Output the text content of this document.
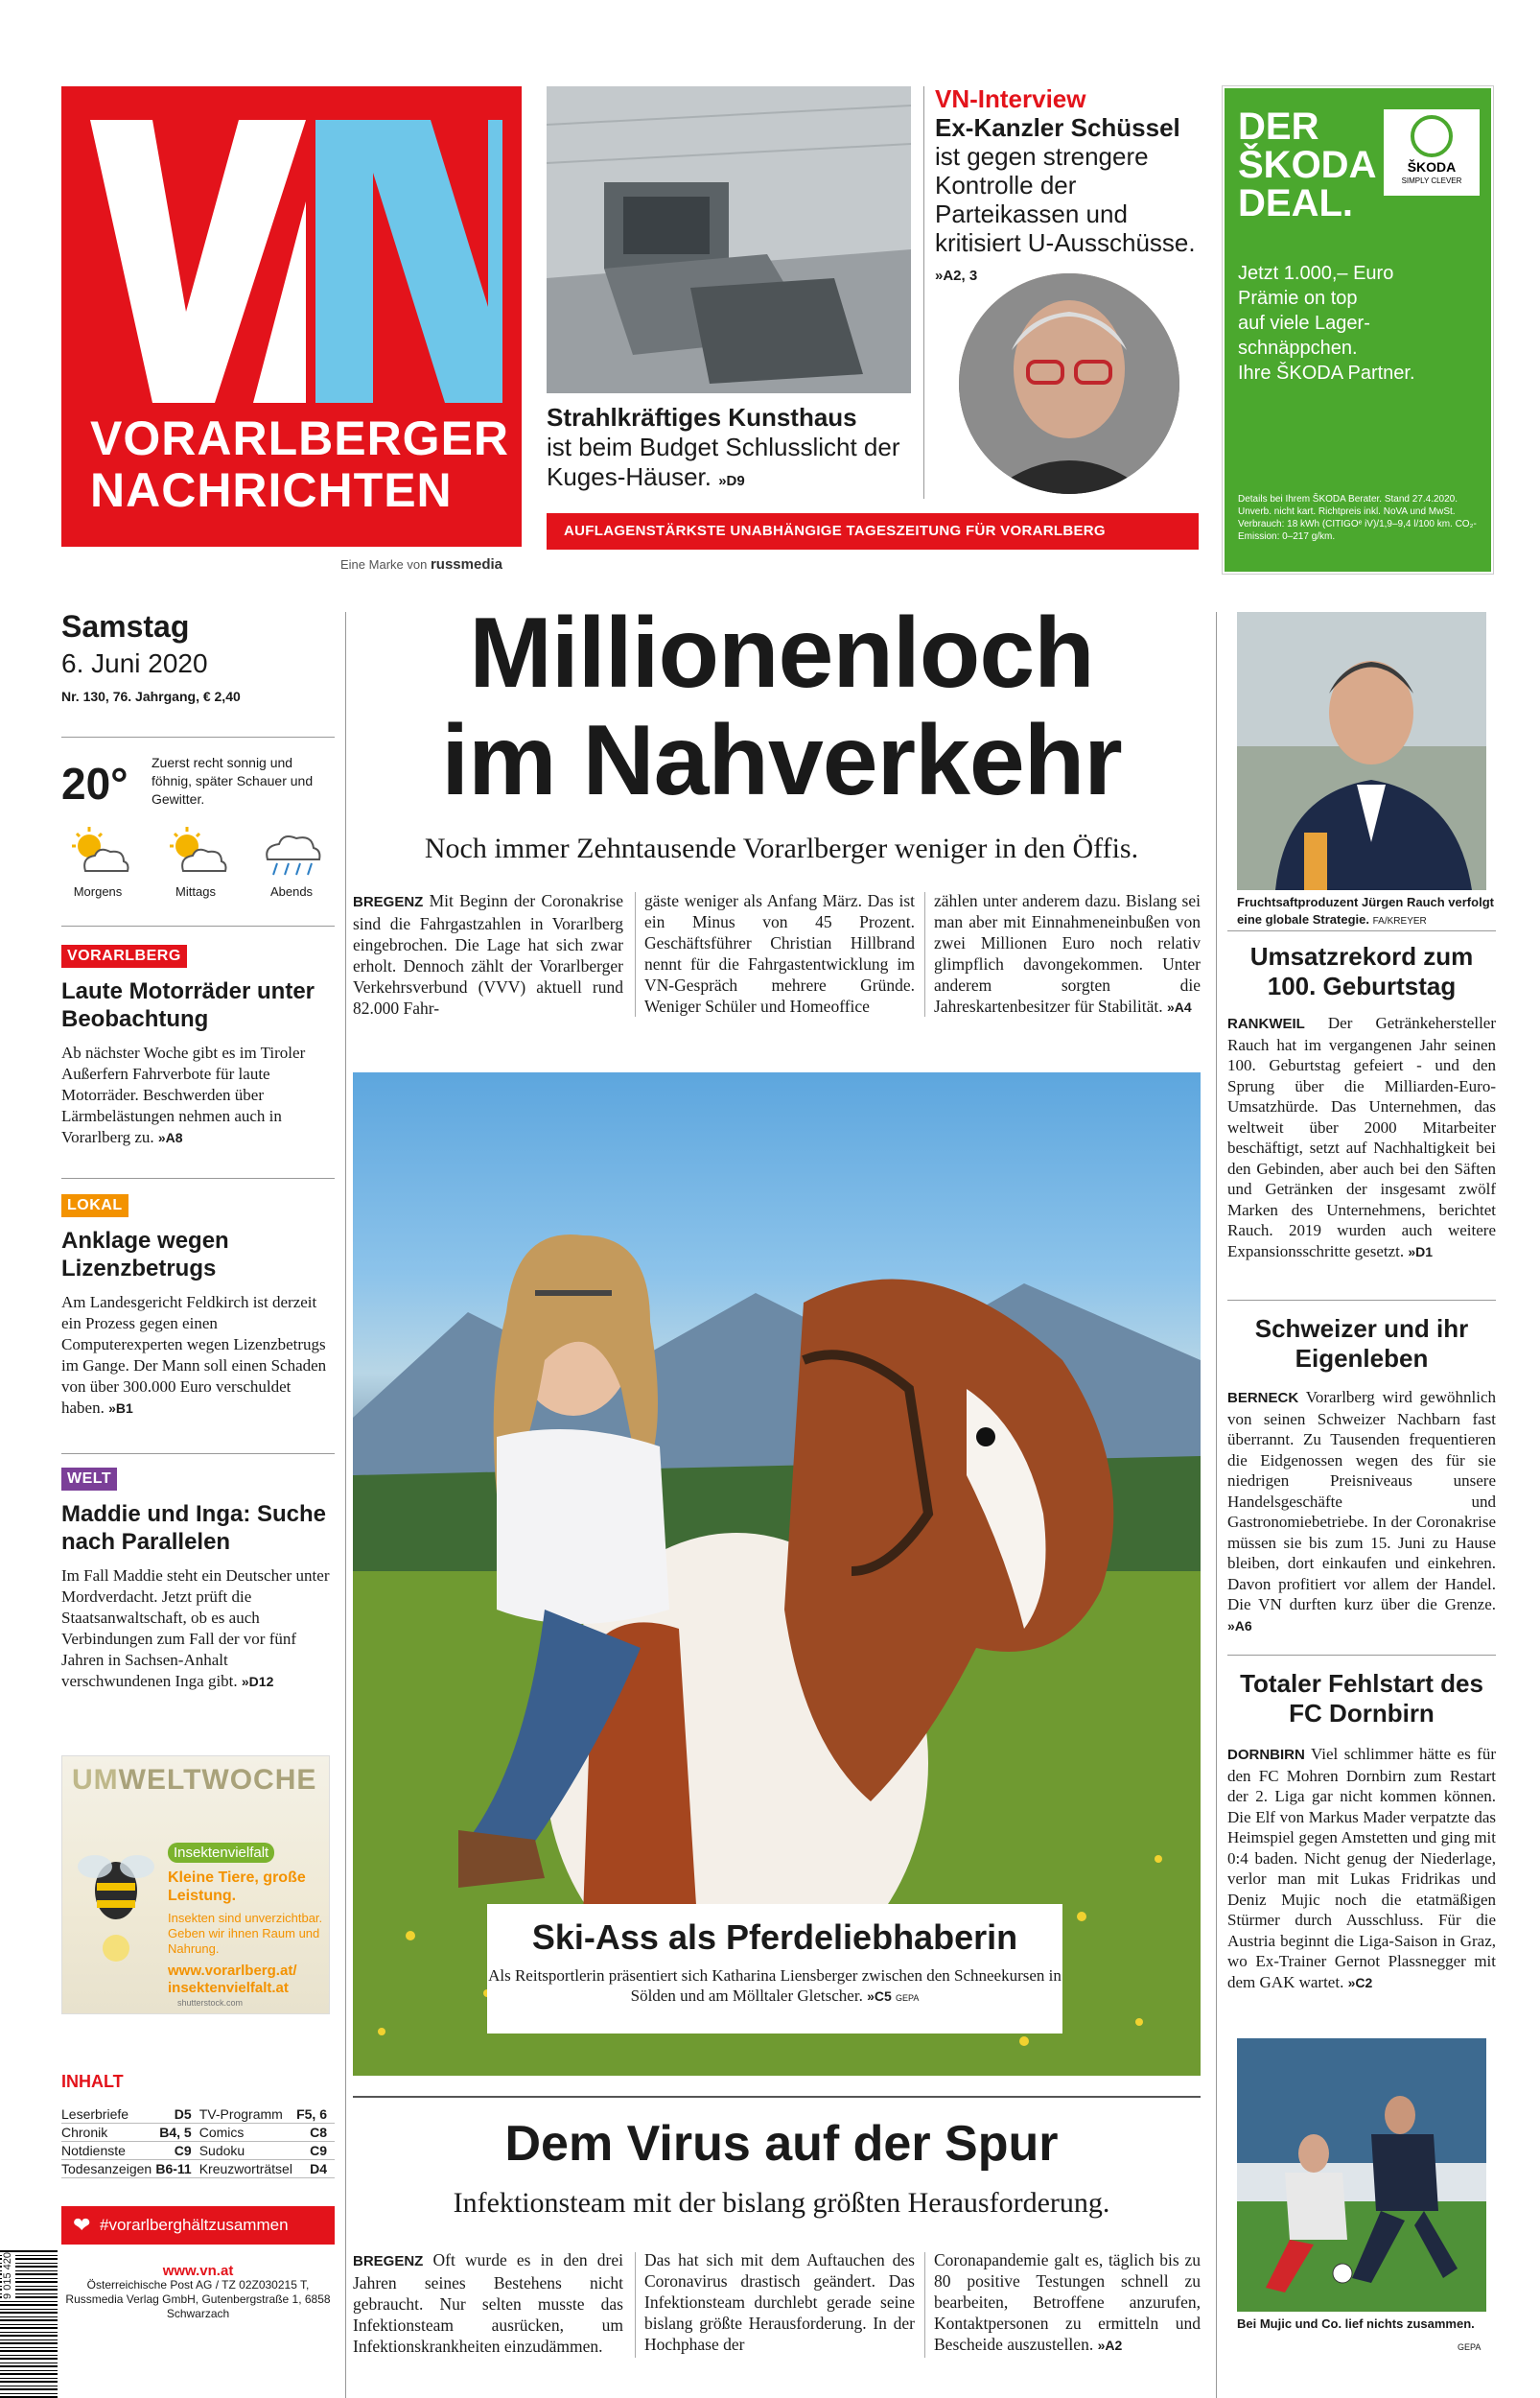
VORARLBERGER
NACHRICHTEN
Eine Marke von russmedia
Strahlkräftiges Kunsthaus
ist beim Budget Schlusslicht der Kuges-Häuser. »D9
VN-Interview
Ex-Kanzler Schüssel
ist gegen strengere Kontrolle der Parteikassen und kritisiert U-Ausschüsse. »A2, 3
AUFLAGENSTÄRKSTE UNABHÄNGIGE TAGESZEITUNG FÜR VORARLBERG
DER
ŠKODA
DEAL.
ŠKODA
SIMPLY CLEVER
Jetzt 1.000,– Euro
Prämie on top
auf viele Lager-
schnäppchen.
Ihre ŠKODA Partner.
Details bei Ihrem ŠKODA Berater. Stand 27.4.2020. Unverb. nicht kart. Richtpreis inkl. NoVA und MwSt. Verbrauch: 18 kWh (CITIGOᵉ iV)/1,9–9,4 l/100 km. CO₂-Emission: 0–217 g/km.
Samstag
6. Juni 2020
Nr. 130, 76. Jahrgang, € 2,40
20° Zuerst recht sonnig und föhnig, später Schauer und Gewitter.
Morgens	Mittags	Abends
VORARLBERG
Laute Motorräder unter Beobachtung
Ab nächster Woche gibt es im Tiroler Außerfern Fahrverbote für laute Motorräder. Beschwerden über Lärmbelästungen nehmen auch in Vorarlberg zu. »A8
LOKAL
Anklage wegen Lizenzbetrugs
Am Landesgericht Feldkirch ist derzeit ein Prozess gegen einen Computerexperten wegen Lizenzbetrugs im Gange. Der Mann soll einen Schaden von über 300.000 Euro verschuldet haben. »B1
WELT
Maddie und Inga: Suche nach Parallelen
Im Fall Maddie steht ein Deutscher unter Mordverdacht. Jetzt prüft die Staatsanwaltschaft, ob es auch Verbindungen zum Fall der vor fünf Jahren in Sachsen-Anhalt verschwundenen Inga gibt. »D12
UMWELTWOCHE
Insektenvielfalt
Kleine Tiere, große Leistung.
Insekten sind unverzichtbar. Geben wir ihnen Raum und Nahrung.
www.vorarlberg.at/ insektenvielfalt.at
shutterstock.com
INHALT
Leserbriefe	D5	TV-Programm	F5, 6
Chronik	B4, 5	Comics	C8
Notdienste	C9	Sudoku	C9
Todesanzeigen	B6-11	Kreuzworträtsel	D4
❤ #vorarlberghältzusammen
9 015 420	www.vn.at
Österreichische Post AG / TZ 02Z030215 T, Russmedia Verlag GmbH, Gutenbergstraße 1, 6858 Schwarzach
Millionenloch
im Nahverkehr
Noch immer Zehntausende Vorarlberger weniger in den Öffis.
BREGENZ Mit Beginn der Coronakrise sind die Fahrgastzahlen in Vorarlberg eingebrochen. Die Lage hat sich zwar erholt. Dennoch zählt der Vorarlberger Verkehrsverbund (VVV) aktuell rund 82.000 Fahr-
gäste weniger als Anfang März. Das ist ein Minus von 45 Prozent. Geschäftsführer Christian Hillbrand nennt für die Fahrgastentwicklung im VN-Gespräch mehrere Gründe. Weniger Schüler und Homeoffice
zählen unter anderem dazu. Bislang sei man aber mit Einnahmeneinbußen von zwei Millionen Euro noch relativ glimpflich davongekommen. Unter anderem sorgten die Jahreskartenbesitzer für Stabilität. »A4
Ski-Ass als Pferdeliebhaberin
Als Reitsportlerin präsentiert sich Katharina Liensberger zwischen den Schneekursen in Sölden und am Mölltaler Gletscher. »C5 GEPA
Dem Virus auf der Spur
Infektionsteam mit der bislang größten Herausforderung.
BREGENZ Oft wurde es in den drei Jahren seines Bestehens nicht gebraucht. Nur selten musste das Infektionsteam ausrücken, um Infektionskrankheiten einzudämmen.
Das hat sich mit dem Auftauchen des Coronavirus drastisch geändert. Das Infektionsteam durchlebt gerade seine bislang größte Herausforderung. In der Hochphase der
Coronapandemie galt es, täglich bis zu 80 positive Testungen schnell zu bearbeiten, Betroffene anzurufen, Kontaktpersonen zu ermitteln und Bescheide auszustellen. »A2
Fruchtsaftproduzent Jürgen Rauch verfolgt eine globale Strategie. FA/KREYER
Umsatzrekord zum 100. Geburtstag
RANKWEIL Der Getränkehersteller Rauch hat im vergangenen Jahr seinen 100. Geburtstag gefeiert - und den Sprung über die Milliarden-Euro-Umsatzhürde. Das Unternehmen, das weltweit über 2000 Mitarbeiter beschäftigt, setzt auf Nachhaltigkeit bei den Gebinden, aber auch bei den Säften und Getränken der insgesamt zwölf Marken des Unternehmens, berichtet Rauch. 2019 wurden auch weitere Expansionsschritte gesetzt. »D1
Schweizer und ihr Eigenleben
BERNECK Vorarlberg wird gewöhnlich von seinen Schweizer Nachbarn fast überrannt. Zu Tausenden frequentieren die Eidgenossen wegen des für sie niedrigen Preisniveaus unsere Handelsgeschäfte und Gastronomiebetriebe. In der Coronakrise müssen sie bis zum 15. Juni zu Hause bleiben, dort einkaufen und einkehren. Davon profitiert vor allem der Handel. Die VN durften kurz über die Grenze. »A6
Totaler Fehlstart des FC Dornbirn
DORNBIRN Viel schlimmer hätte es für den FC Mohren Dornbirn zum Restart der 2. Liga gar nicht kommen können. Die Elf von Markus Mader verpatzte das Heimspiel gegen Amstetten und ging mit 0:4 baden. Nicht genug der Niederlage, verlor man mit Lukas Fridrikas und Deniz Mujic noch die etatmäßigen Stürmer durch Ausschluss. Für die Austria beginnt die Liga-Saison in Graz, wo Ex-Trainer Gernot Plassnegger mit dem GAK wartet. »C2
Bei Mujic und Co. lief nichts zusammen.
GEPA
